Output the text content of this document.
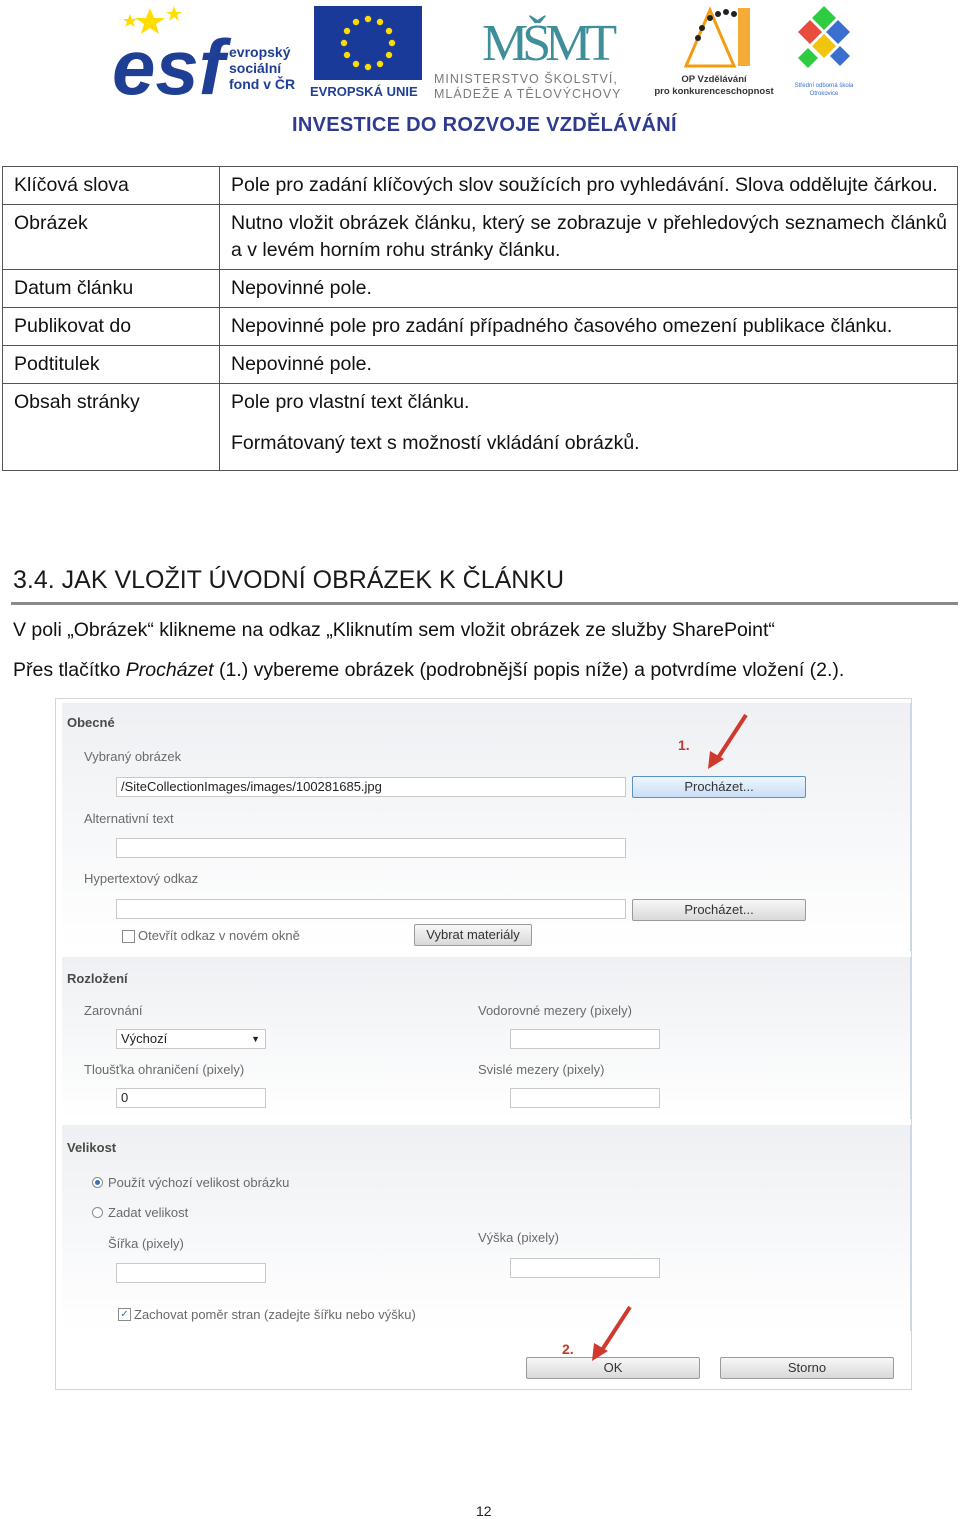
esf evropský
sociální
fond v ČR EVROPSKÁ UNIE
MŠMT
MINISTERSTVO ŠKOLSTVÍ,
MLÁDEŽE A TĚLOVÝCHOVY
OP Vzdělávání
pro konkurenceschopnost	Střední odborná škola
Otrokovice
INVESTICE DO ROZVOJE VZDĚLÁVÁNÍ
Klíčová slova	Pole pro zadání klíčových slov soužících pro vyhledávání. Slova oddělujte čárkou.

Obrázek	Nutno vložit obrázek článku, který se zobrazuje v přehledových seznamech článků a v levém horním rohu stránky článku.

Datum článku	Nepovinné pole.

Publikovat do	Nepovinné pole pro zadání případného časového omezení publikace článku.

Podtitulek	Nepovinné pole.

Obsah stránky	Pole pro vlastní text článku.

Formátovaný text s možností vkládání obrázků.

3.4. JAK VLOŽIT ÚVODNÍ OBRÁZEK K ČLÁNKU
V poli „Obrázek“ klikneme na odkaz „Kliknutím sem vložit obrázek ze služby SharePoint“
Přes tlačítko Procházet (1.) vybereme obrázek (podrobnější popis níže) a potvrdíme vložení (2.).
Obecné
Vybraný obrázek
/SiteCollectionImages/images/100281685.jpg	Procházet...
Alternativní text
Hypertextový odkaz
Procházet...
Otevřít odkaz v novém okně	Vybrat materiály
Rozložení
Zarovnání
Výchozí	▼
Tloušťka ohraničení (pixely)
0
Vodorovné mezery (pixely)
Svislé mezery (pixely)
Velikost
Použít výchozí velikost obrázku
Zadat velikost
Šířka (pixely)	Výška (pixely)
✓ Zachovat poměr stran (zadejte šířku nebo výšku)
OK	Storno
1.
2.
12
